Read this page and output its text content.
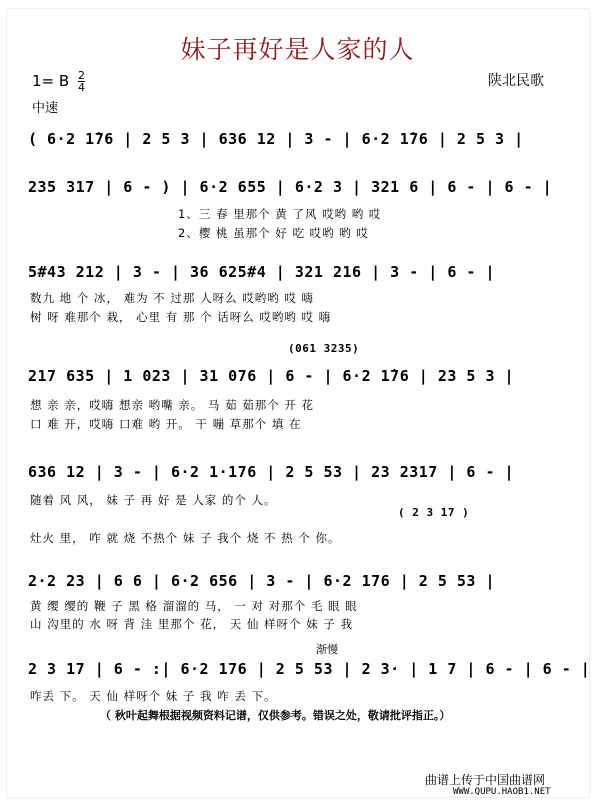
妹子再好是人家的人
1= B $\frac{2}{4}$
中速
陕北民歌
( 6·2 1̇76 | 2 5 3 | 636 12 | 3 - | 6·2 1̇76 | 2 5 3 |
235 317 | 6 - ) | 6·2 655 | 6·2 3 | 321 6 | 6 - | 6 - |
1、三 春 里那个 黄 了风 哎哟 哟 哎
2、樱 桃 虽那个 好 吃 哎哟 哟 哎
5#43 212 | 3 - | 36 625#4 | 321 216 | 3 - | 6 - |
数九 地 个 冰， 难为 不 过那 人呀么 哎哟哟 哎 嗨
树 呀 难那个 栽， 心里 有 那 个 话呀么 哎哟哟 哎 嗨
(061 3235)
217 635 | 1 023 | 31 076 | 6 - | 6·2 1̇76 | 23 5 3 |
想 亲 亲，哎嗨 想亲 哟嘴 亲。 马 茹 茹那个 开 花
口 难 开，哎嗨 口难 哟 开。 干 嘣 草那个 填 在
636 12 | 3 - | 6·2 1·176 | 2 5 53 | 23 2317 | 6 - |
随着 风 风， 妹 子 再 好 是 人家 的个 人。
( 2 3 17 )
灶火 里， 咋 就 烧 不热个 妹 子 我个 烧 不 热 个 你。
2·2 23 | 6 6 | 6·2 656 | 3 - | 6·2 176 | 2 5 53 |
黄 缨 缨的 鞭 子 黑 格 溜溜的 马， 一 对 对那个 毛 眼 眼
山 沟里的 水 呀 背 洼 里那个 花， 天 仙 样呀个 妹 子 我
渐慢
2 3 17 | 6 - :| 6·2 176 | 2 5 53 | 2 3· | 1 7 | 6 - | 6 - |
咋丢 下。 天 仙 样呀个 妹 子 我 咋 丢 下。
（ 秋叶起舞根据视频资料记谱，仅供参考。错误之处，敬请批评指正。）
曲谱上传于中国曲谱网
WWW.QUPU.HAOB1.NET
